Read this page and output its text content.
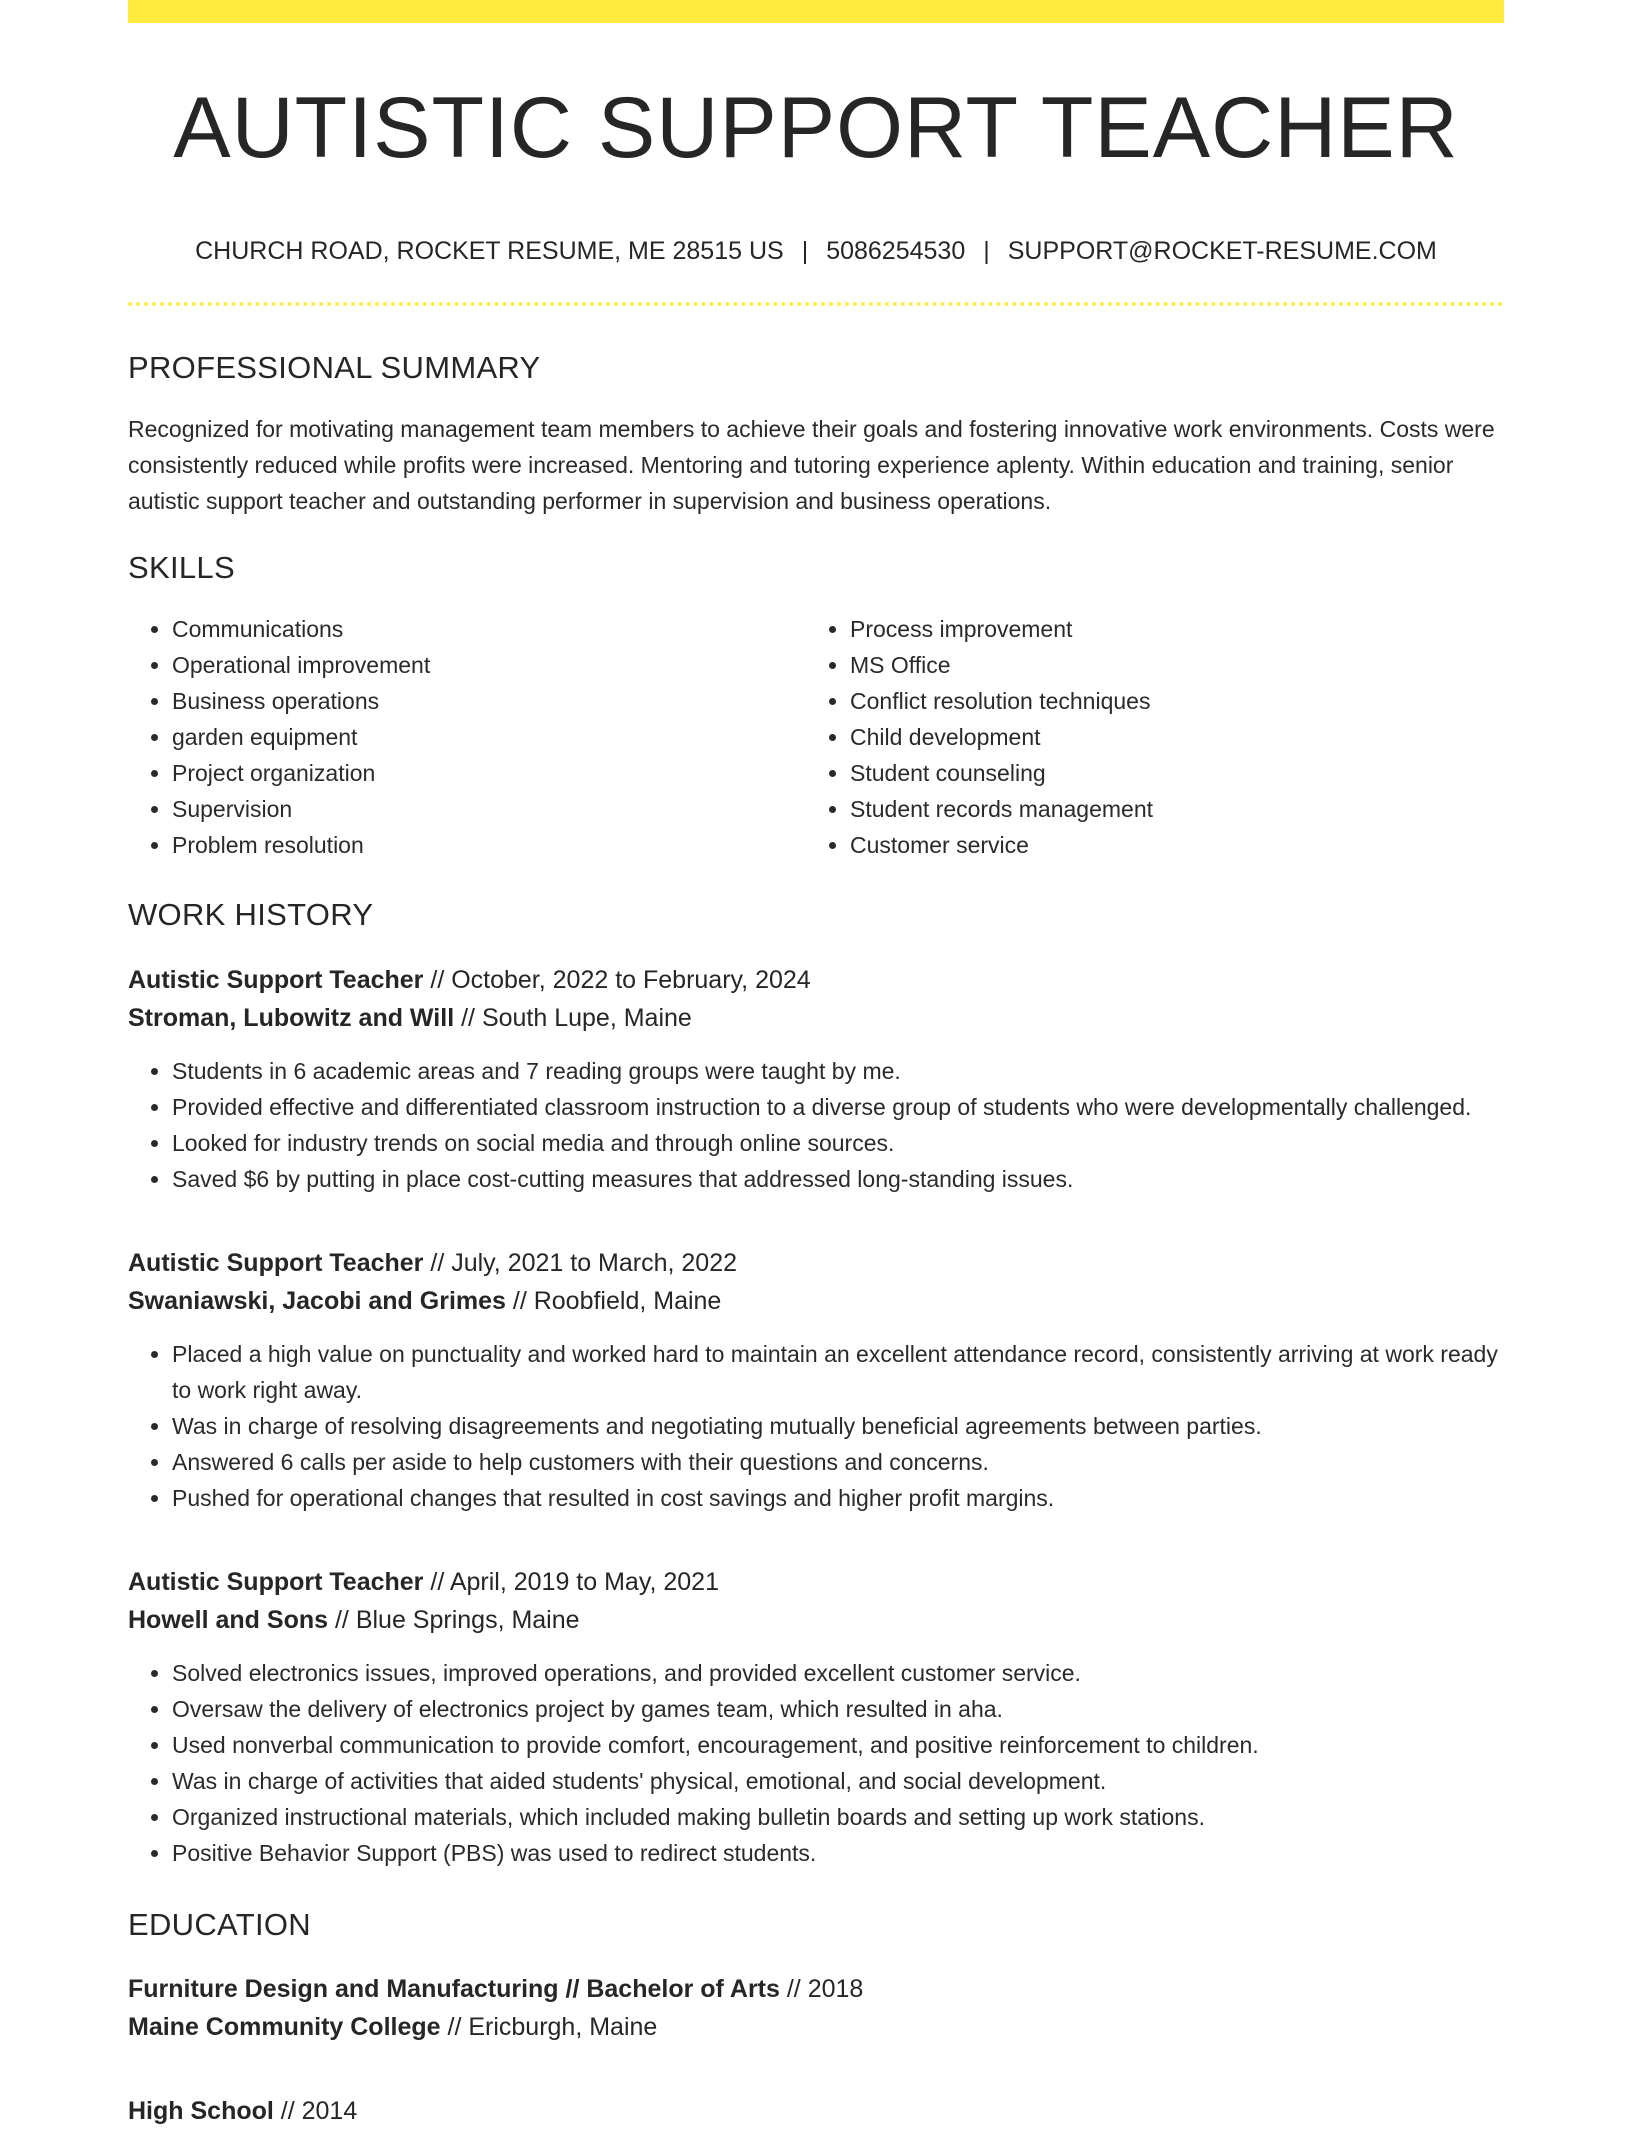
AUTISTIC SUPPORT TEACHER
CHURCH ROAD, ROCKET RESUME, ME 28515 US | 5086254530 | SUPPORT@ROCKET-RESUME.COM
PROFESSIONAL SUMMARY

Recognized for motivating management team members to achieve their goals and fostering innovative work environments. Costs were consistently reduced while profits were increased. Mentoring and tutoring experience aplenty. Within education and training, senior autistic support teacher and outstanding performer in supervision and business operations.

SKILLS
• Communications
• Operational improvement
• Business operations
• garden equipment
• Project organization
• Supervision
• Problem resolution
• Process improvement
• MS Office
• Conflict resolution techniques
• Child development
• Student counseling
• Student records management
• Customer service
WORK HISTORY
Autistic Support Teacher // October, 2022 to February, 2024
Stroman, Lubowitz and Will // South Lupe, Maine
• Students in 6 academic areas and 7 reading groups were taught by me.
• Provided effective and differentiated classroom instruction to a diverse group of students who were developmentally challenged.
• Looked for industry trends on social media and through online sources.
• Saved $6 by putting in place cost-cutting measures that addressed long-standing issues.
Autistic Support Teacher // July, 2021 to March, 2022
Swaniawski, Jacobi and Grimes // Roobfield, Maine
• Placed a high value on punctuality and worked hard to maintain an excellent attendance record, consistently arriving at work ready to work right away.
• Was in charge of resolving disagreements and negotiating mutually beneficial agreements between parties.
• Answered 6 calls per aside to help customers with their questions and concerns.
• Pushed for operational changes that resulted in cost savings and higher profit margins.
Autistic Support Teacher // April, 2019 to May, 2021
Howell and Sons // Blue Springs, Maine
• Solved electronics issues, improved operations, and provided excellent customer service.
• Oversaw the delivery of electronics project by games team, which resulted in aha.
• Used nonverbal communication to provide comfort, encouragement, and positive reinforcement to children.
• Was in charge of activities that aided students' physical, emotional, and social development.
• Organized instructional materials, which included making bulletin boards and setting up work stations.
• Positive Behavior Support (PBS) was used to redirect students.
EDUCATION
Furniture Design and Manufacturing // Bachelor of Arts // 2018
Maine Community College // Ericburgh, Maine
High School // 2014
